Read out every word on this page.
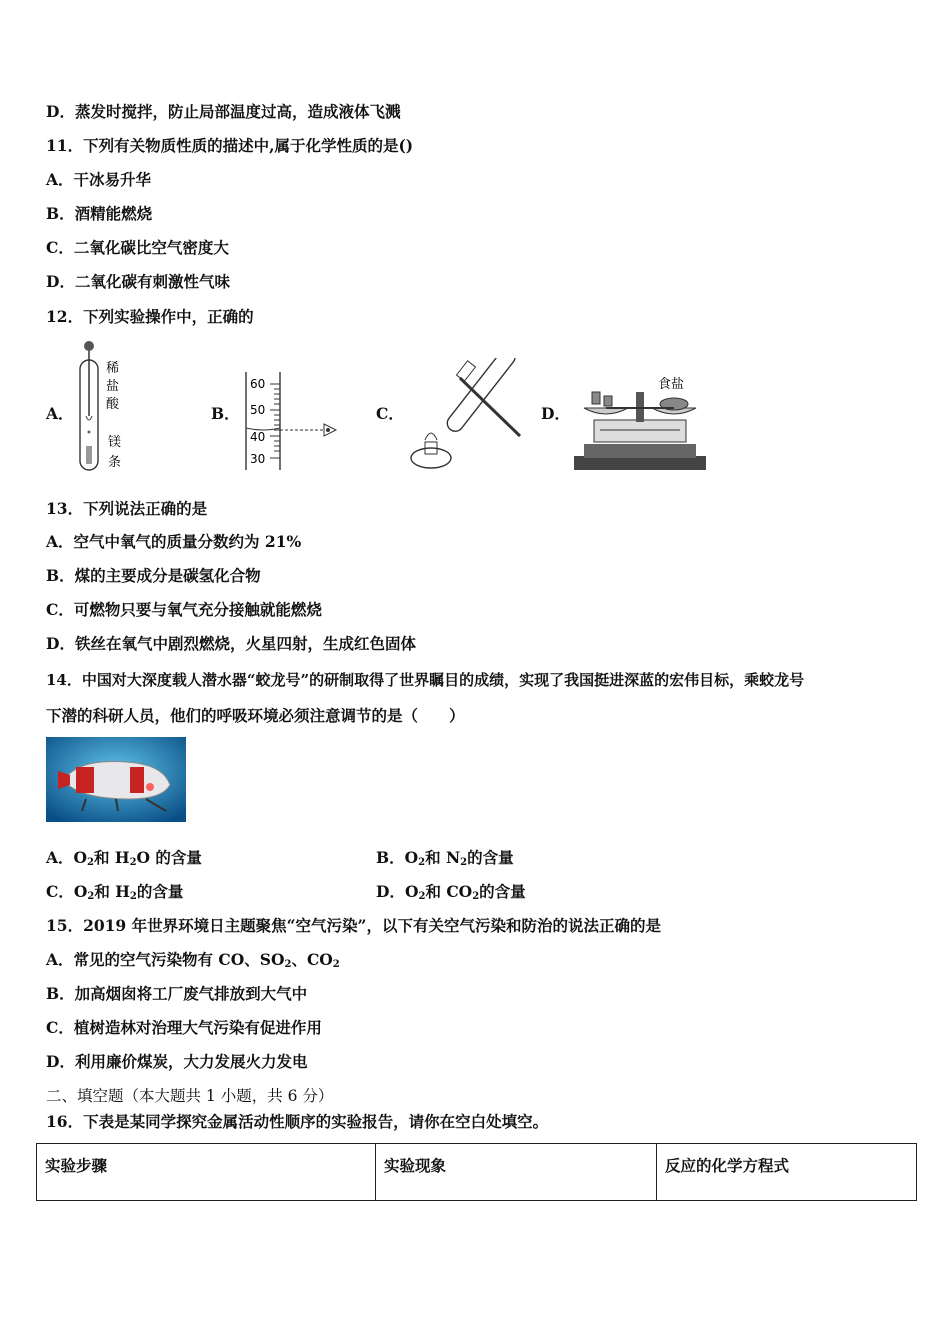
D．蒸发时搅拌，防止局部温度过高，造成液体飞溅
11．下列有关物质性质的描述中,属于化学性质的是()
A．干冰易升华
B．酒精能燃烧
C．二氧化碳比空气密度大
D．二氧化碳有刺激性气味
12．下列实验操作中，正确的
A．
稀
盐
酸
镁
条
B．
60
50
40
30
C．	D．
食盐
13．下列说法正确的是
A．空气中氧气的质量分数约为 21%
B．煤的主要成分是碳氢化合物
C．可燃物只要与氧气充分接触就能燃烧
D．铁丝在氧气中剧烈燃烧，火星四射，生成红色固体
14．中国对大深度载人潜水器“蛟龙号”的研制取得了世界瞩目的成绩，实现了我国挺进深蓝的宏伟目标，乘蛟龙号
下潜的科研人员，他们的呼吸环境必须注意调节的是（　　）
A．$O_2$和 $H_2O$ 的含量	B．$O_2$和 $N_2$的含量
C．$O_2$和 $H_2$的含量	D．$O_2$和 $CO_2$的含量
15．2019 年世界环境日主题聚焦“空气污染”，以下有关空气污染和防治的说法正确的是
A．常见的空气污染物有 CO、$SO_2$、$CO_2$
B．加高烟囱将工厂废气排放到大气中
C．植树造林对治理大气污染有促进作用
D．利用廉价煤炭，大力发展火力发电
二、填空题（本大题共 1 小题，共 6 分）
16．下表是某同学探究金属活动性顺序的实验报告，请你在空白处填空。
实验步骤	实验现象	反应的化学方程式
